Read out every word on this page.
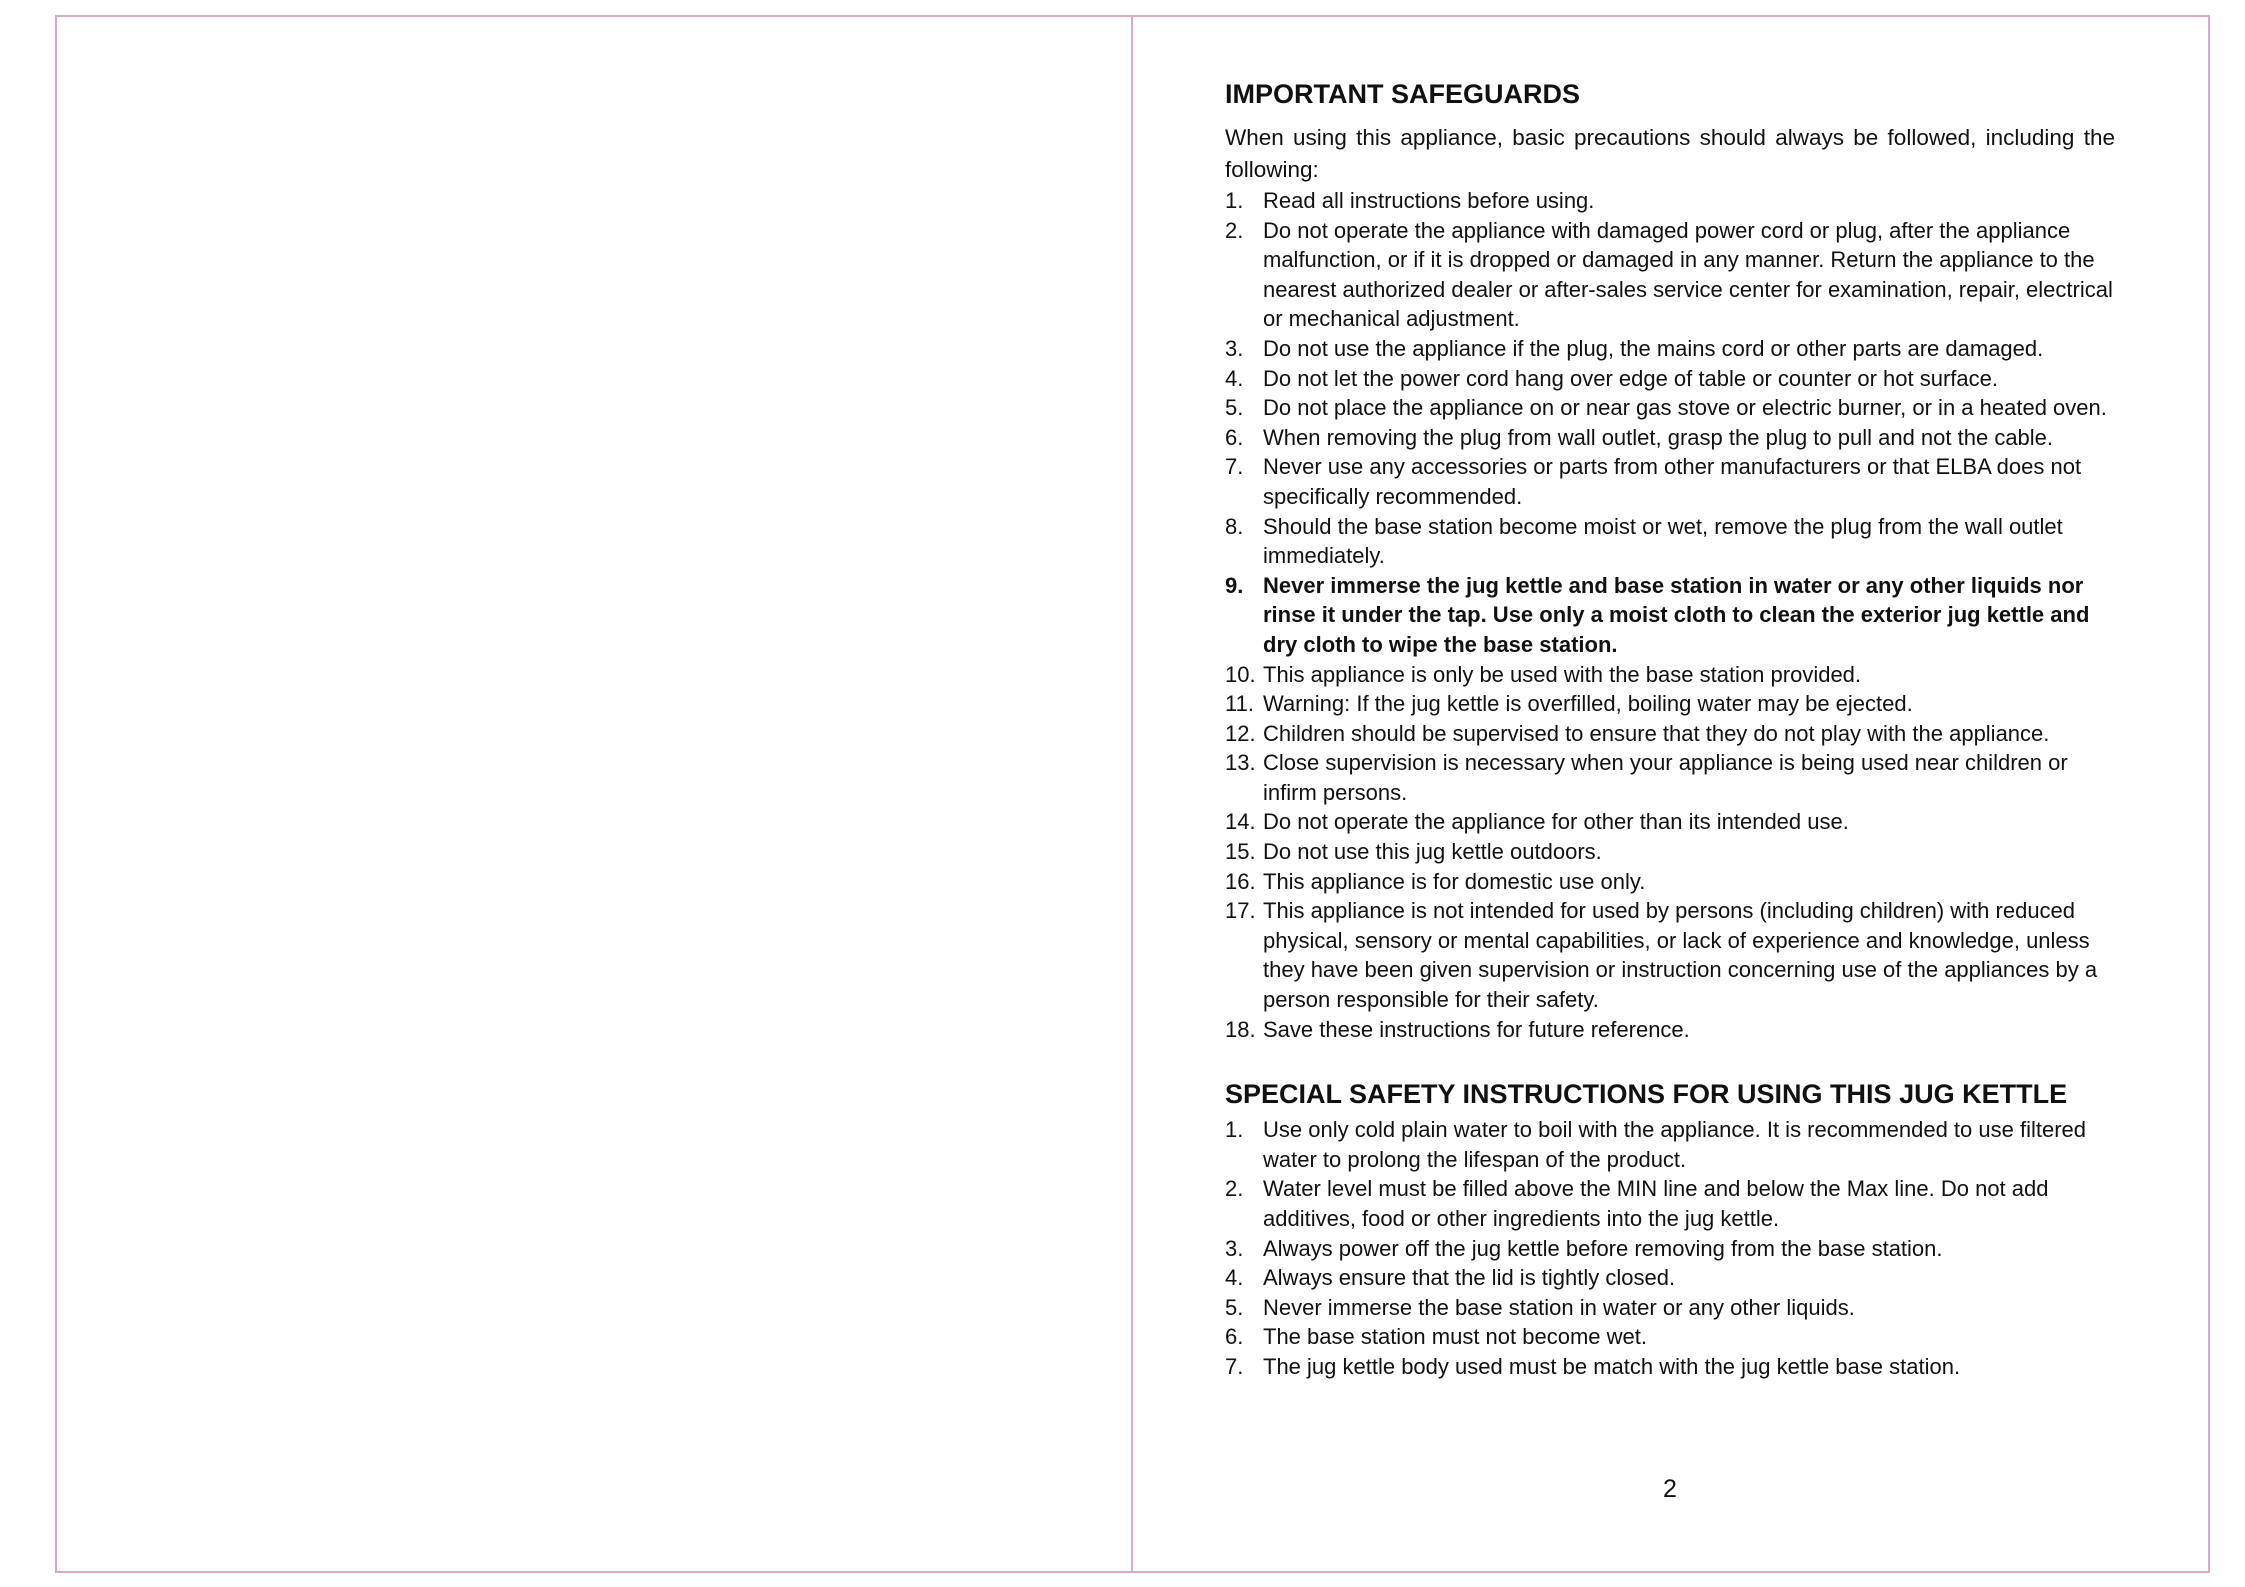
IMPORTANT SAFEGUARDS

When using this appliance, basic precautions should always be followed, including the following:

1. Read all instructions before using.
2. Do not operate the appliance with damaged power cord or plug, after the appliance malfunction, or if it is dropped or damaged in any manner. Return the appliance to the nearest authorized dealer or after-sales service center for examination, repair, electrical or mechanical adjustment.
3. Do not use the appliance if the plug, the mains cord or other parts are damaged.
4. Do not let the power cord hang over edge of table or counter or hot surface.
5. Do not place the appliance on or near gas stove or electric burner, or in a heated oven.
6. When removing the plug from wall outlet, grasp the plug to pull and not the cable.
7. Never use any accessories or parts from other manufacturers or that ELBA does not specifically recommended.
8. Should the base station become moist or wet, remove the plug from the wall outlet immediately.
9. Never immerse the jug kettle and base station in water or any other liquids nor rinse it under the tap. Use only a moist cloth to clean the exterior jug kettle and dry cloth to wipe the base station.
10. This appliance is only be used with the base station provided.
11. Warning: If the jug kettle is overfilled, boiling water may be ejected.
12. Children should be supervised to ensure that they do not play with the appliance.
13. Close supervision is necessary when your appliance is being used near children or infirm persons.
14. Do not operate the appliance for other than its intended use.
15. Do not use this jug kettle outdoors.
16. This appliance is for domestic use only.
17. This appliance is not intended for used by persons (including children) with reduced physical, sensory or mental capabilities, or lack of experience and knowledge, unless they have been given supervision or instruction concerning use of the appliances by a person responsible for their safety.
18. Save these instructions for future reference.
SPECIAL SAFETY INSTRUCTIONS FOR USING THIS JUG KETTLE
1. Use only cold plain water to boil with the appliance. It is recommended to use filtered water to prolong the lifespan of the product.
2. Water level must be filled above the MIN line and below the Max line. Do not add additives, food or other ingredients into the jug kettle.
3. Always power off the jug kettle before removing from the base station.
4. Always ensure that the lid is tightly closed.
5. Never immerse the base station in water or any other liquids.
6. The base station must not become wet.
7. The jug kettle body used must be match with the jug kettle base station.
2
